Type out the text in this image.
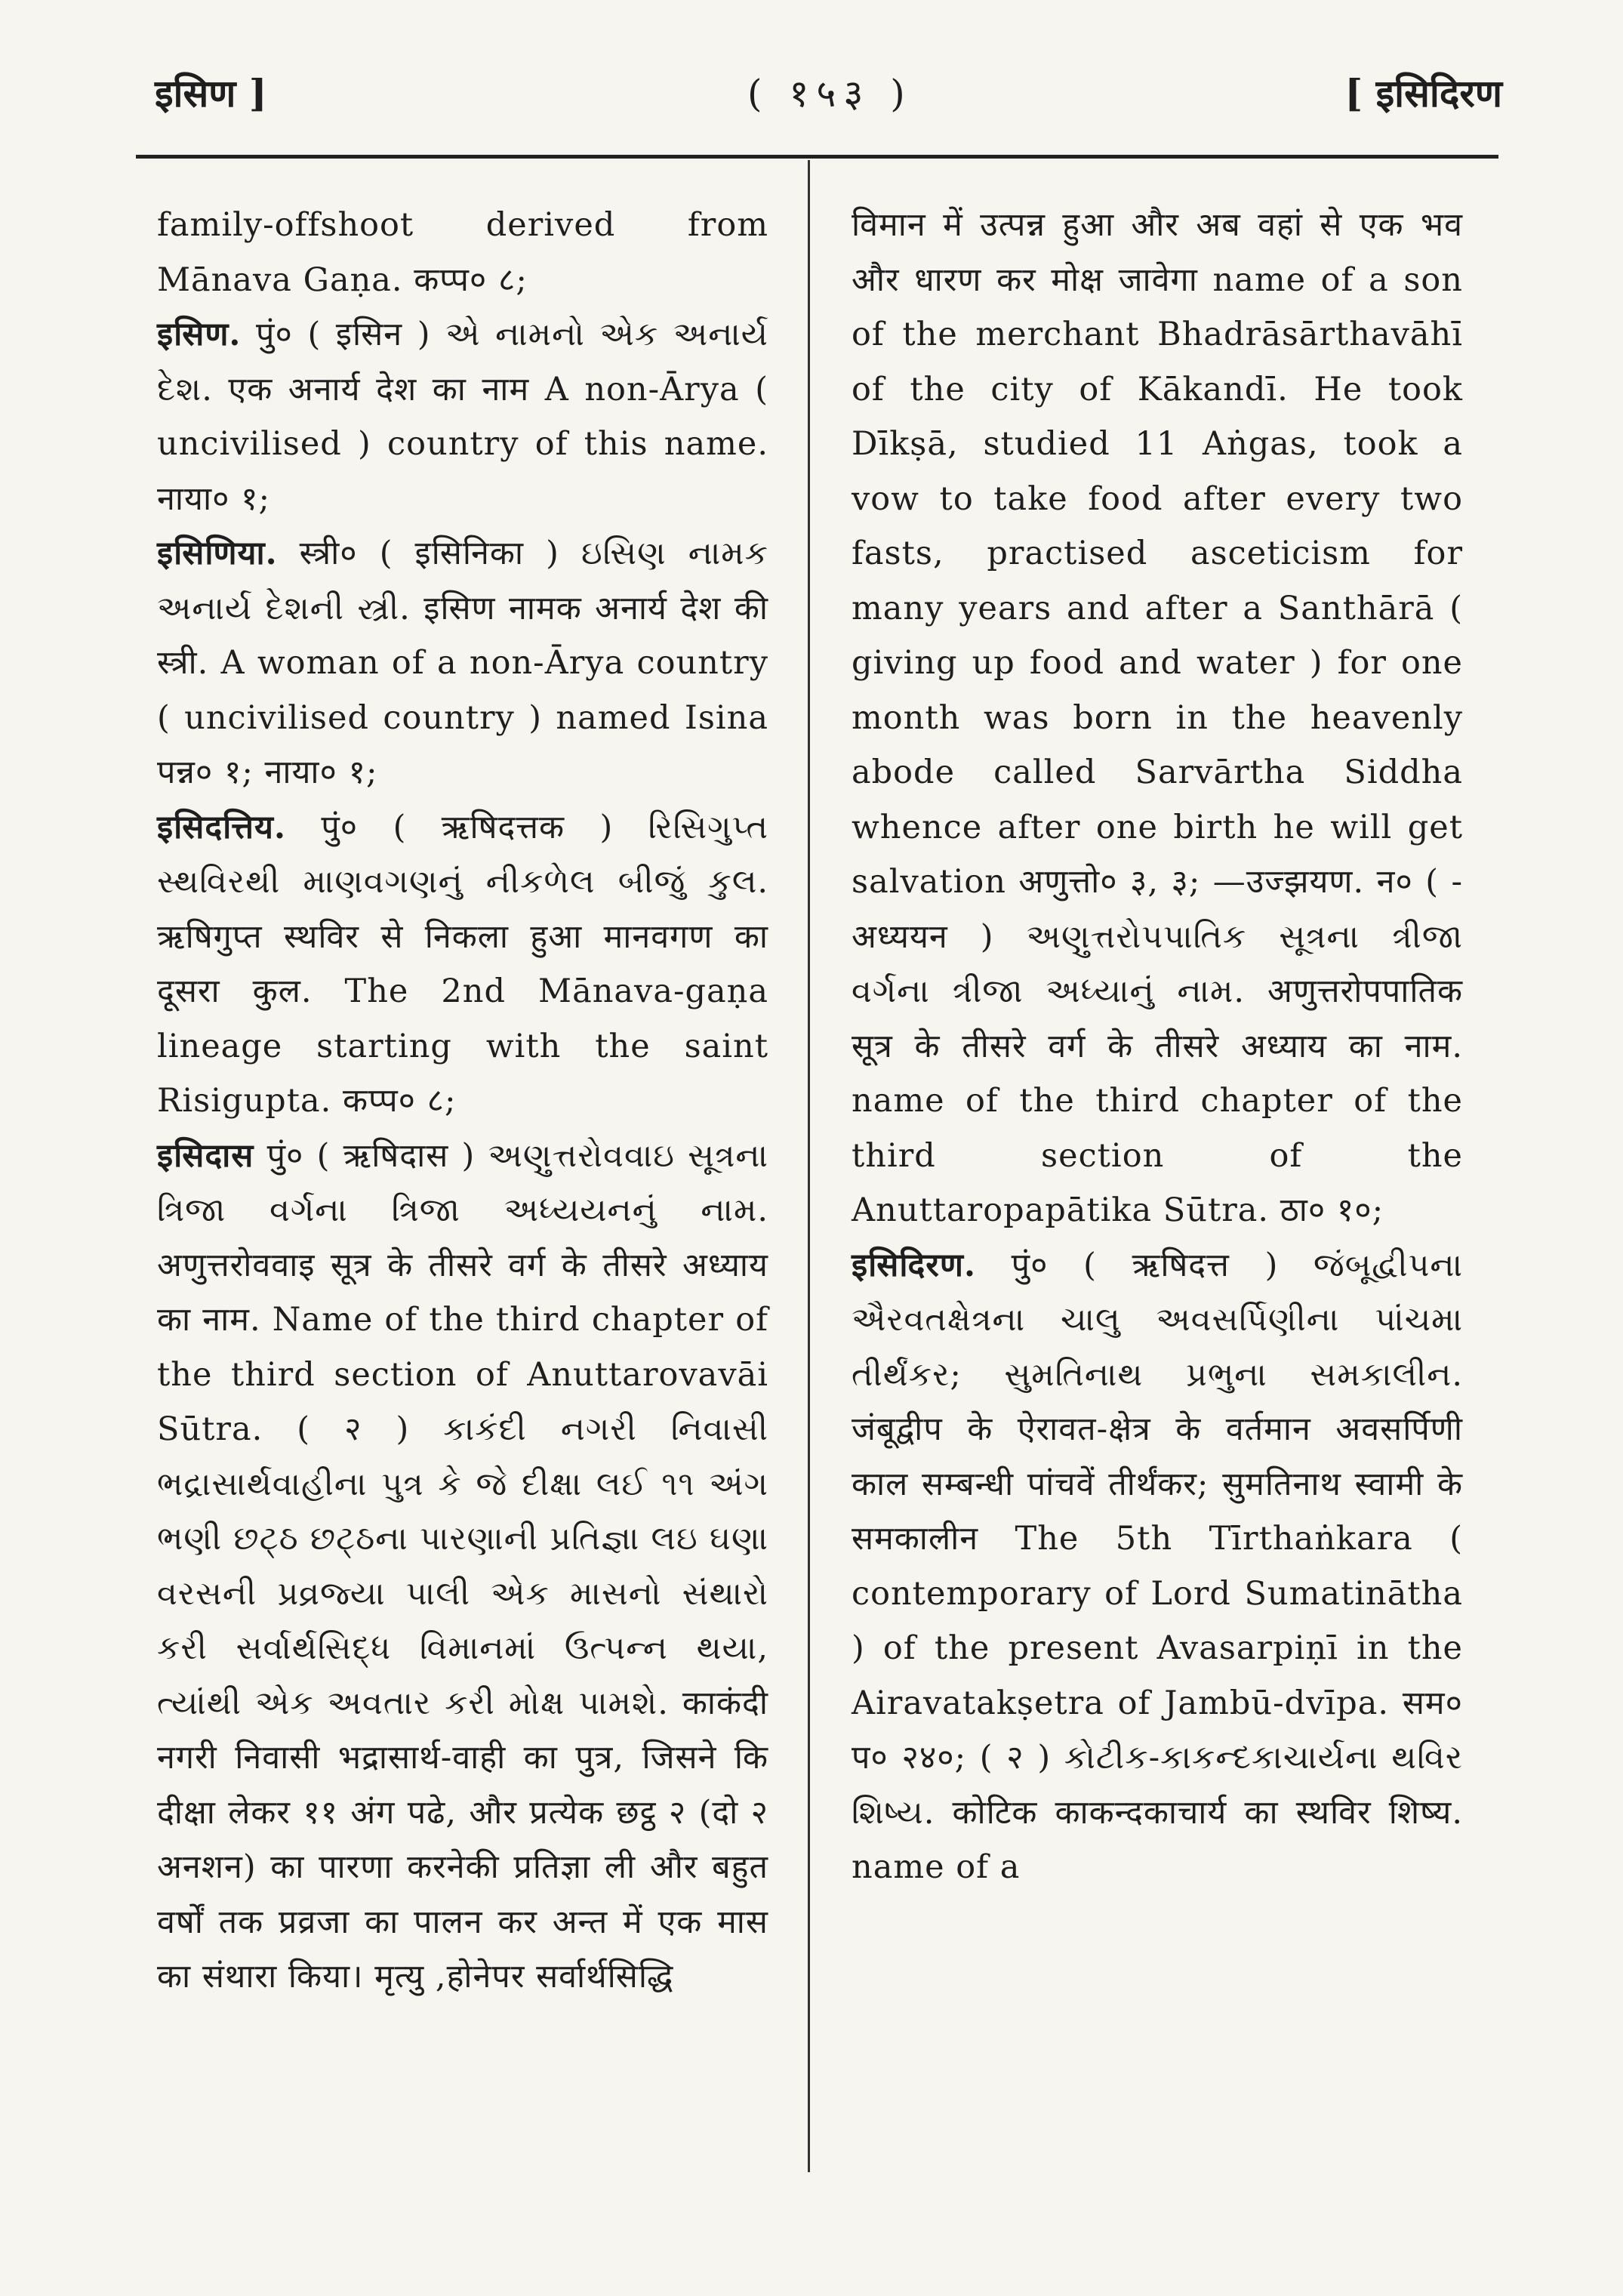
इसिण ]	( १५३ )	[ इसिदिरण

family-offshoot derived from Mānava Gaṇa. कप्प० ८;

इसिण. पुं० ( इसिन ) એ નામનો એક અનાર્ય દેશ. एक अनार्य देश का नाम A non-Ārya ( uncivilised ) country of this name. नाया० १;

इसिणिया. स्त्री० ( इसिनिका ) ઇસિણ નામક અનાર્ય દેશની સ્ત્રી. इसिण नामक अनार्य देश की स्त्री. A woman of a non-Ārya country ( uncivilised country ) named Isina पन्न० १; नाया० १;

इसिदत्तिय. पुं० ( ऋषिदत्तक ) રિસિગુપ્ત સ્થવિરથી માણવગણનું નીકળેલ બીજું કુલ. ऋषिगुप्त स्थविर से निकला हुआ मानवगण का दूसरा कुल. The 2nd Mānava-gaṇa lineage starting with the saint Risigupta. कप्प० ८;

इसिदास पुं० ( ऋषिदास ) અણુત્તરોવવાઇ સૂત્રના ત્રિજા વર્ગના ત્રિજા અધ્યયનનું નામ. अणुत्तरोववाइ सूत्र के तीसरे वर्ग के तीसरे अध्याय का नाम. Name of the third chapter of the third section of Anuttarovavāi Sūtra. ( २ ) કાકંદી નગરી નિવાસી ભદ્રાસાર્થવાહીના પુત્ર કે જે દીક્ષા લઈ ૧૧ અંગ ભણી છટ્ઠ છટ્ઠના પારણાની પ્રતિજ્ઞા લઇ ઘણા વરસની પ્રવ્રજ્યા પાલી એક માસનો સંથારો કરી સર્વાર્થસિદ્ધ વિમાનમાં ઉત્પન્ન થયા, ત્યાંથી એક અવતાર કરી મોક્ષ પામશે. काकंदी नगरी निवासी भद्रासार्थ-वाही का पुत्र, जिसने कि दीक्षा लेकर ११ अंग पढे, और प्रत्येक छट्ठ २ (दो २ अनशन) का पारणा करनेकी प्रतिज्ञा ली और बहुत वर्षों तक प्रव्रजा का पालन कर अन्त में एक मास का संथारा किया। मृत्यु ,होनेपर सर्वार्थसिद्धि

विमान में उत्पन्न हुआ और अब वहां से एक भव और धारण कर मोक्ष जावेगा name of a son of the merchant Bhadrāsārthavāhī of the city of Kākandī. He took Dīkṣā, studied 11 Aṅgas, took a vow to take food after every two fasts, practised asceticism for many years and after a Santhārā ( giving up food and water ) for one month was born in the heavenly abode called Sarvārtha Siddha whence after one birth he will get salvation अणुत्तो० ३, ३; —उज्झयण. न० ( -अध्ययन ) અણુત્તરોપપાતિક સૂત્રના ત્રીજા વર્ગના ત્રીજા અધ્યાનું નામ. अणुत्तरोपपातिक सूत्र के तीसरे वर्ग के तीसरे अध्याय का नाम. name of the third chapter of the third section of the Anuttaropapātika Sūtra. ठा० १०;

इसिदिरण. पुं० ( ऋषिदत्त ) જંબૂદ્વીપના ઐરવતક્ષેત્રના ચાલુ અવસર્પિણીના પાંચમા તીર્થંકર; સુમતિનાથ પ્રભુના સમકાલીન. जंबूद्वीप के ऐरावत-क्षेत्र के वर्तमान अवसर्पिणी काल सम्बन्धी पांचवें तीर्थंकर; सुमतिनाथ स्वामी के समकालीन The 5th Tīrthaṅkara ( contemporary of Lord Sumatinātha ) of the present Avasarpiṇī in the Airavatakṣetra of Jambū-dvīpa. सम० प० २४०; ( २ ) કોટીક-કાકન્દકાચાર્યના થવિર શિષ્ય. कोटिक काकन्दकाचार्य का स्थविर शिष्य. name of a
